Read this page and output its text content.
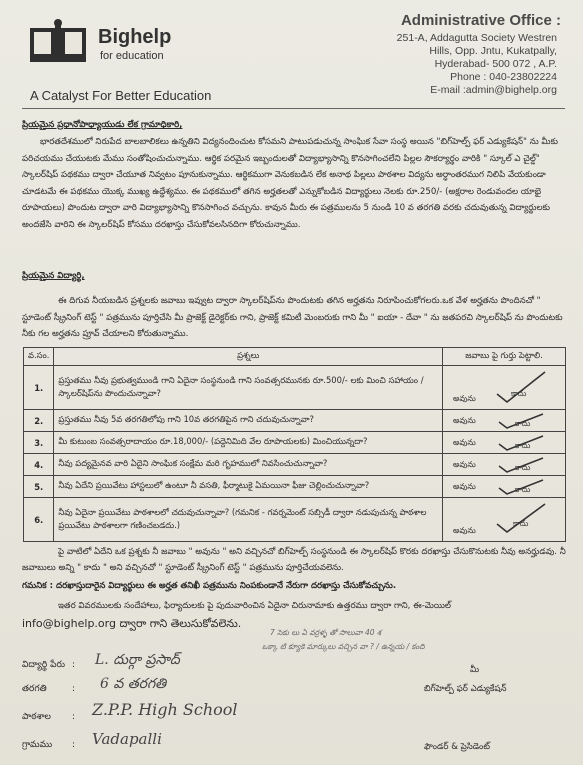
Bighelp
for education
A Catalyst For Better Education
Administrative Office :
251-A, Addagutta Society Westren
Hills, Opp. Jntu, Kukatpally,
Hyderabad- 500 072 , A.P.
Phone : 040-23802224
E-mail :admin@bighelp.org
ప్రియమైన ప్రధానోపాధ్యాయుడు లేక గ్రామాధికారి,
భారతదేశములో నిరుపేద బాలబాలికలు ఉన్నతిని విద్యనందించుట కోసమని పాటుపడుచున్న సాంఘిక సేవా సంస్థ అయిన "బిగ్‌హెల్ప్ ఫర్ ఎడ్యుకేషన్" ను మీకు పరిచయము చేయుటకు మేము సంతోషించుచున్నాము. ఆర్థిక పరమైన ఇబ్బందులతో విద్యాభ్యాసాన్ని కొనసాగించలేని పిల్లల సౌకర్యార్థం వారికి " స్కూల్ ఎ చైల్డ్" స్కాలర్‌షిప్ పథకము ద్వారా చేయూత నివ్వటం పూనుకున్నాము. ఆర్థికముగా వెనుకబడిన లేక అనాథ పిల్లలు పాఠశాల విద్యను అర్ధాంతరముగ నిలిపి వేయకుండా చూడటమే ఈ పథకము యొక్క ముఖ్య ఉద్దేశ్యము. ఈ పథకములో తగిన అర్హతలతో ఎన్నుకోబడిన విద్యార్థులు నెలకు రూ.250/- (అక్షరాల రెండువందల యాభై రూపాయలు) పొందుట ద్వారా వారి విద్యాభ్యాసాన్ని కొనసాగించ వచ్చును. కావున మీరు ఈ పత్రములను 5 నుండి 10 వ తరగతి వరకు చదువుతున్న విద్యార్థులకు అందజేసి వారిని ఈ స్కాలర్‌షిప్ కోసము దరఖాస్తు చేసుకోవలసినదిగా కోరుచున్నాము.
ప్రియమైన విద్యార్థి,
ఈ దిగువ నీయబడిన ప్రశ్నలకు జవాబు ఇవ్వుట ద్వారా స్కాలర్‌షిప్‌ను పొందుటకు తగిన అర్హతను నిరూపించుకోగలరు.ఒక వేళ అర్హతను పొందినచో " స్టూడెంట్ స్క్రీనింగ్ టెస్ట్ " పత్రమును పూర్తిచేసి మీ ప్రాజెక్ట్ డైరెక్టర్‌కు గాని, ప్రాజెక్ట్ కమిటీ మెంబరుకు గాని మీ " ఐయా - దేవా " ను జతపరచి స్కాలర్‌షిప్ ను పొందుటకు నీకు గల అర్హతను ప్రూవ్ చేయాలని కోరుతున్నాము.
వ.సం.	ప్రశ్నలు	జవాబు పై గుర్తు పెట్టాలి.
1.	ప్రస్తుతము నీవు ప్రభుత్వముండి గాని ఏదైనా సంస్థనుండి గాని సంవత్సరమునకు రూ.500/- లకు మించి సహాయం / స్కాలర్‌షిప్‌ను పొందుచున్నావా?	అవును
కాదు

2.	ప్రస్తుతము నీవు 5వ తరగతిలోపు గాని 10వ తరగతిపైన గాని చదువుచున్నావా?	అవును కాదు

3.	మీ కుటుంబ సంవత్సరాదాయం రూ.18,000/- (పద్దెనిమిది వేల రూపాయలకు) మించియున్నదా?	అవును కాదు

4.	నీవు పద్యమైనవ వారి ఏదైని సాంఘిక సంక్షేమ మరి గృహములో నివసించుచున్నావా?	అవును కాదు

5.	నీవు ఏదేని ప్రయివేటు హాస్టలులో ఉంటూ నీ వసతి, ఫీర్మాటుకై ఏమయినా ఫీజు చెల్లించుచున్నావా?	అవును కాదు

6.	నీవు ఏదైనా ప్రయివేటు పాఠశాలలో చదువుచున్నావా? (గమనిక - గవర్నమెంట్ సబ్సిడీ ద్వారా నడుపుచున్న పాఠశాల ప్రయివేటు పాఠశాలగా గణించబడదు.)	అవును
కాదు
పై వాటిలో ఏదేని ఒక ప్రశ్నకు నీ జవాబు " అవును " అని వచ్చినచో బిగ్‌హెల్ప్ సంస్థనుండి ఈ స్కాలర్‌షిప్ కొరకు దరఖాస్తు చేసుకొనుటకు నీవు అనర్హుడవు. నీ జవాబులు అన్ని " కాదు " అని వచ్చినచో " స్టూడెంట్ స్క్రీనింగ్ టెస్ట్ " పత్రమును పూర్తిచేయవలెను.
గమనిక : దరఖాస్తుదారైన విద్యార్థులు ఈ అర్హత తనిఖీ పత్రమును నింపకుండానే నేరుగా దరఖాస్తు చేసుకోవచ్చును.
ఇతర వివరములకు సందేహాలు, ఫిర్యాదులకు పై పుదువారించిన ఏదైనా చిరునామాకు ఉత్తరము ద్వారా గాని, ఈ-మెయిల్
info@bighelp.org ద్వారా గాని తెలుసుకోవలెను.
7 సెకు లు ఏ వర్రళ్ళ తో సాలువా 40 శ
ఒక్కా టి క్యూకె మార్కులు వచ్చిన వా ? / ఉన్నయ / కంది
విద్యార్థి పేరు : L. దుర్గా ప్రసాద్
తరగతి	: 6 వ తరగతి
పాఠశాల : Z.P.P. High School
గ్రామము : Vadapalli
మీ
బిగ్‌హెల్ప్ ఫర్ ఎడ్యుకేషన్
ఫౌండర్ & ప్రెసిడెంట్
